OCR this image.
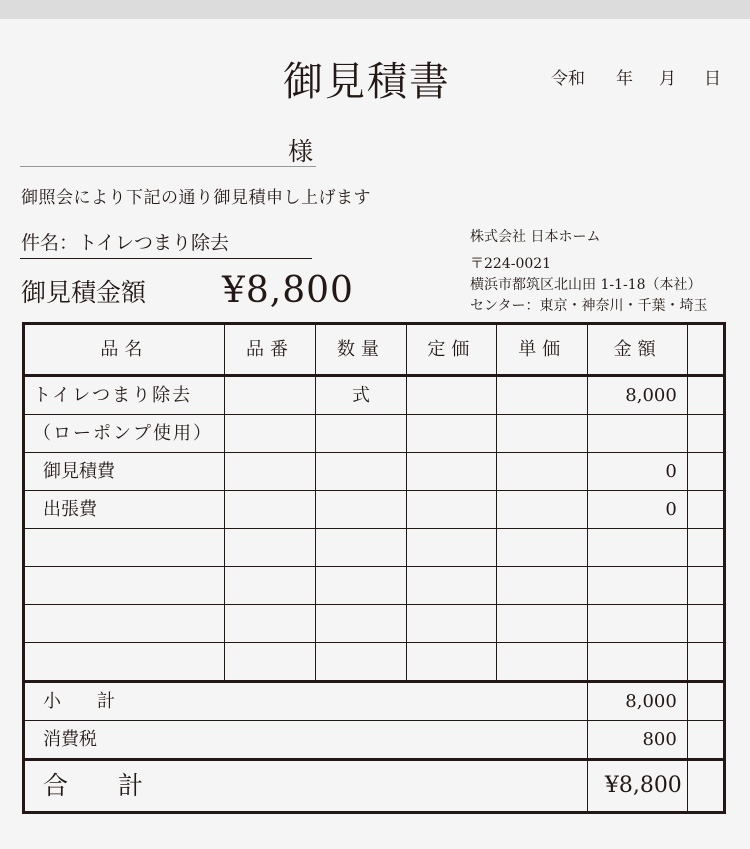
御見積書	令和 年 月 日
様
御照会により下記の通り御見積申し上げます
件名：トイレつまり除去
御見積金額 ¥8,800
株式会社 日本ホーム
〒224-0021
横浜市都筑区北山田 1-1-18（本社）
センター：東京・神奈川・千葉・埼玉
品名	品番	数量	定価	単価	金額	
トイレつまり除去		式			8,000	
（ローポンプ使用）						
御見積費					0	
出張費					0	

小　　計					8,000	
消費税					800	
合　　計					¥8,800	
